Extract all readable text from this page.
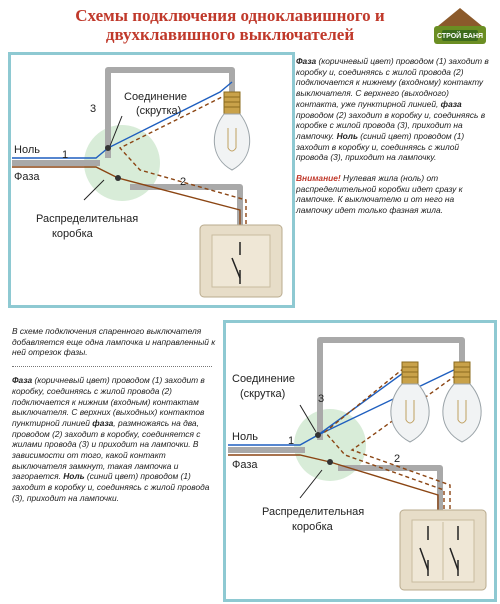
Схемы подключения одноклавишного и
двухклавишного выключателей	СТРОЙ БАНЯ
Ноль
Фаза
1
3
2
Соединение
(скрутка)
Распределительная
коробка
Ноль
Фаза
1
3
2
Соединение
(скрутка)
Распределительная
коробка
Фаза (коричневый цвет) проводом (1) заходит в коробку и, соединяясь с жилой провода (2) подключается к нижнему (входному) контакту выключателя. С верхнего (выходного) контакта, уже пунктирной линией, фаза проводом (2) заходит в коробку и, соединяясь в коробке с жилой провода (3), приходит на лампочку. Ноль (синий цвет) проводом (1) заходит в коробку и, соединяясь с жилой провода (3), приходит на лампочку.
Внимание! Нулевая жила (ноль) от распределительной коробки идет сразу к лампочке. К выключателю и от него на лампочку идет только фазная жила.
В схеме подключения спаренного выключателя добавляется еще одна лампочка и направленный к ней отрезок фазы.
Фаза (коричневый цвет) проводом (1) заходит в коробку, соединяясь с жилой провода (2) подключается к нижним (входным) контактам выключателя. С верхних (выходных) контактов пунктирной линией фаза, размножаясь на два, проводом (2) заходит в коробку, соединяется с жилами провода (3) и приходит на лампочки. В зависимости от того, какой контакт выключателя замкнут, такая лампочка и загорается. Ноль (синий цвет) проводом (1) заходит в коробку и, соединяясь с жилой провода (3), приходит на лампочки.
